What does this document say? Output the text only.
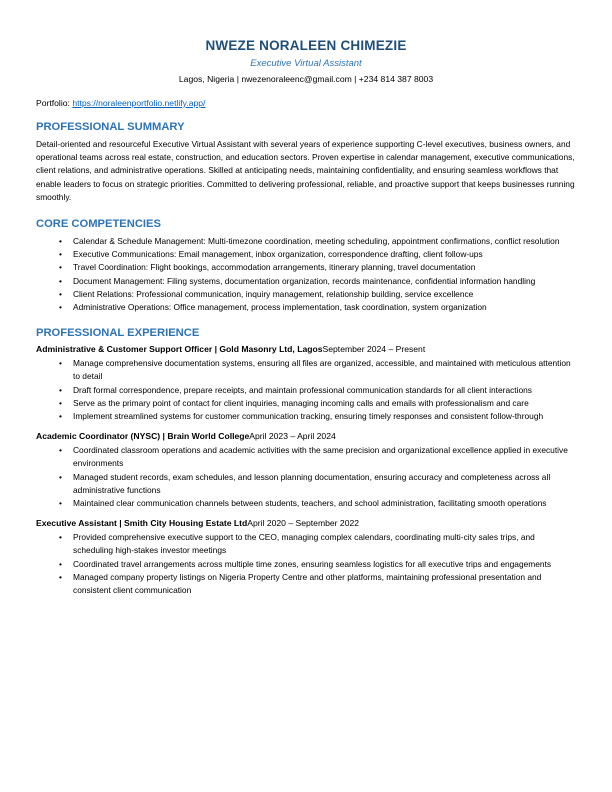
NWEZE NORALEEN CHIMEZIE
Executive Virtual Assistant
Lagos, Nigeria | nwezenoraleenc@gmail.com | +234 814 387 8003
Portfolio: https://noraleenportfolio.netlify.app/
PROFESSIONAL SUMMARY
Detail-oriented and resourceful Executive Virtual Assistant with several years of experience supporting C-level executives, business owners, and operational teams across real estate, construction, and education sectors. Proven expertise in calendar management, executive communications, client relations, and administrative operations. Skilled at anticipating needs, maintaining confidentiality, and ensuring seamless workflows that enable leaders to focus on strategic priorities. Committed to delivering professional, reliable, and proactive support that keeps businesses running smoothly.
CORE COMPETENCIES
• Calendar & Schedule Management: Multi-timezone coordination, meeting scheduling, appointment confirmations, conflict resolution
• Executive Communications: Email management, inbox organization, correspondence drafting, client follow-ups
• Travel Coordination: Flight bookings, accommodation arrangements, itinerary planning, travel documentation
• Document Management: Filing systems, documentation organization, records maintenance, confidential information handling
• Client Relations: Professional communication, inquiry management, relationship building, service excellence
• Administrative Operations: Office management, process implementation, task coordination, system organization
PROFESSIONAL EXPERIENCE
Administrative & Customer Support Officer | Gold Masonry Ltd, LagosSeptember 2024 – Present
• Manage comprehensive documentation systems, ensuring all files are organized, accessible, and maintained with meticulous attention to detail
• Draft formal correspondence, prepare receipts, and maintain professional communication standards for all client interactions
• Serve as the primary point of contact for client inquiries, managing incoming calls and emails with professionalism and care
• Implement streamlined systems for customer communication tracking, ensuring timely responses and consistent follow-through
Academic Coordinator (NYSC) | Brain World CollegeApril 2023 – April 2024
• Coordinated classroom operations and academic activities with the same precision and organizational excellence applied in executive environments
• Managed student records, exam schedules, and lesson planning documentation, ensuring accuracy and completeness across all administrative functions
• Maintained clear communication channels between students, teachers, and school administration, facilitating smooth operations
Executive Assistant | Smith City Housing Estate LtdApril 2020 – September 2022
• Provided comprehensive executive support to the CEO, managing complex calendars, coordinating multi-city sales trips, and scheduling high-stakes investor meetings
• Coordinated travel arrangements across multiple time zones, ensuring seamless logistics for all executive trips and engagements
• Managed company property listings on Nigeria Property Centre and other platforms, maintaining professional presentation and consistent client communication
